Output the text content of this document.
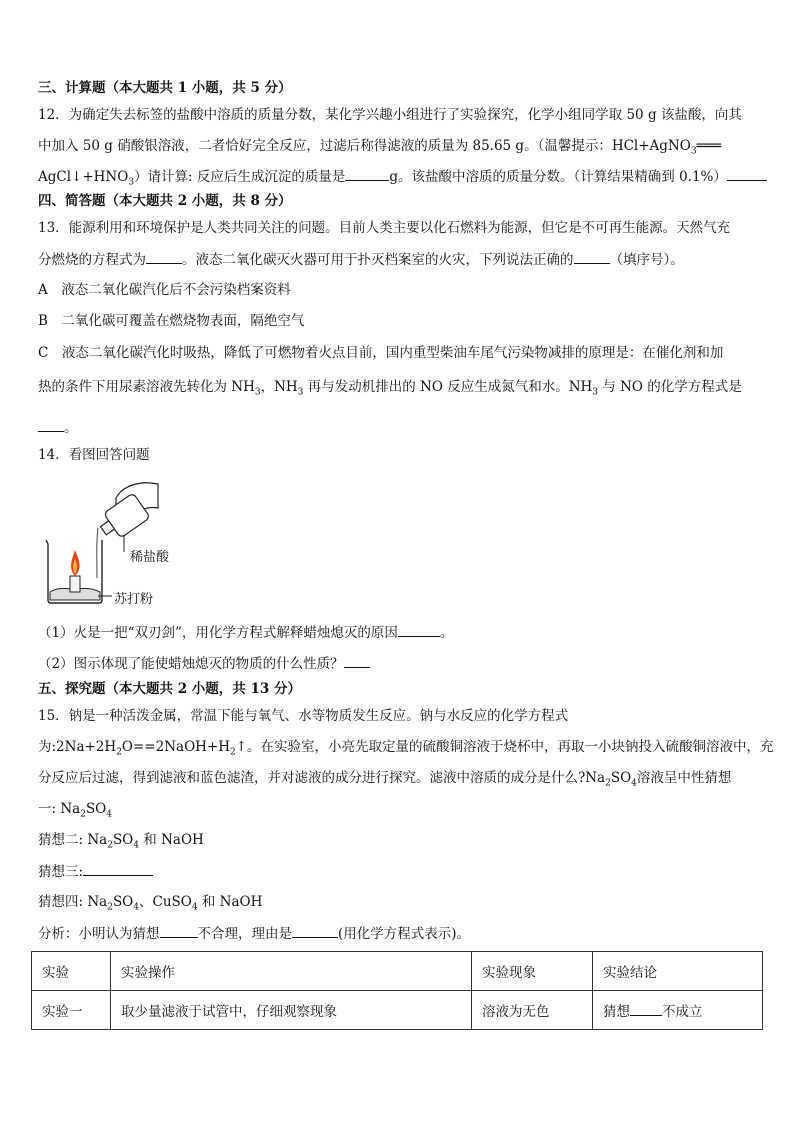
三、计算题（本大题共 1 小题，共 5 分）
12．为确定失去标签的盐酸中溶质的质量分数，某化学兴趣小组进行了实验探究，化学小组同学取 50 g 该盐酸，向其
中加入 50 g 硝酸银溶液，二者恰好完全反应，过滤后称得滤液的质量为 85.65 g。（温馨提示：HCl+AgNO$_3$═══
$AgCl↓+HNO_3$）请计算: 反应后生成沉淀的质量是	g。该盐酸中溶质的质量分数。（计算结果精确到 0.1%）
四、简答题（本大题共 2 小题，共 8 分）
13．能源利用和环境保护是人类共同关注的问题。目前人类主要以化石燃料为能源，但它是不可再生能源。天然气充
分燃烧的方程式为	。液态二氧化碳灭火器可用于扑灭档案室的火灾，下列说法正确的	（填序号）。
A　液态二氧化碳汽化后不会污染档案资料
B　二氧化碳可覆盖在燃烧物表面，隔绝空气
C　液态二氧化碳汽化时吸热，降低了可燃物着火点目前，国内重型柴油车尾气污染物减排的原理是：在催化剂和加
热的条件下用尿素溶液先转化为 $NH_3$，$NH_3$ 再与发动机排出的 NO 反应生成氮气和水。$NH_3$ 与 NO 的化学方程式是
。
14．看图回答问题
稀盐酸
苏打粉
（1）火是一把“双刃剑”，用化学方程式解释蜡烛熄灭的原因	。
（2）图示体现了能使蜡烛熄灭的物质的什么性质？
五、探究题（本大题共 2 小题，共 13 分）
15．钠是一种活泼金属，常温下能与氧气、水等物质发生反应。钠与水反应的化学方程式
为$:2Na+2H_2O==2NaOH+H_2↑$。在实验室，小亮先取定量的硫酸铜溶液于烧杯中，再取一小块钠投入硫酸铜溶液中，充
分反应后过滤，得到滤液和蓝色滤渣，并对滤液的成分进行探究。滤液中溶质的成分是什么$?Na_2SO_4$溶液呈中性猜想
一: $Na_2SO_4$
猜想二: $Na_2SO_4$ 和 NaOH
猜想三:
猜想四: $Na_2SO_4$、CuSO$_4$ 和 NaOH
分析：小明认为猜想	不合理，理由是	(用化学方程式表示)。
实验	实验操作	实验现象	实验结论
实验一	取少量滤液于试管中，仔细观察现象	溶液为无色	猜想 不成立
